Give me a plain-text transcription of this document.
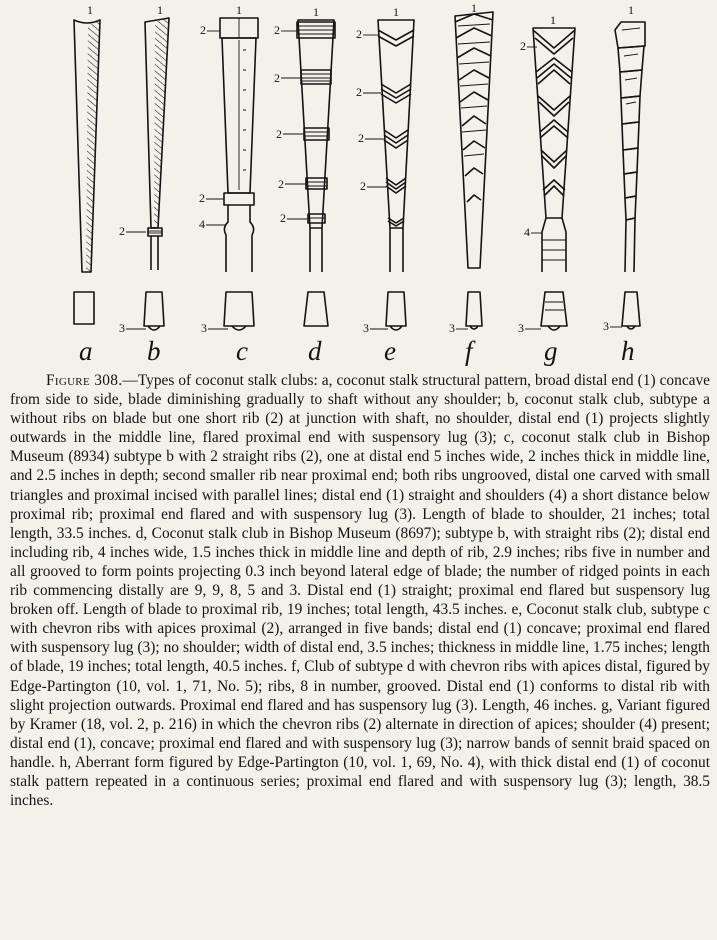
1
a
1
2
3
b
1
2
2
4
3
c
1
2
2
2
2
2
d
1
2
2
2
2
3
e
1
3
f
1
2
4
3
g
1
3
h

Figure 308.—Types of coconut stalk clubs: a, coconut stalk structural pattern, broad distal end (1) concave from side to side, blade diminishing gradually to shaft without any shoulder; b, coconut stalk club, subtype a without ribs on blade but one short rib (2) at junction with shaft, no shoulder, distal end (1) projects slightly outwards in the middle line, flared proximal end with suspensory lug (3); c, coconut stalk club in Bishop Museum (8934) subtype b with 2 straight ribs (2), one at distal end 5 inches wide, 2 inches thick in middle line, and 2.5 inches in depth; second smaller rib near proximal end; both ribs ungrooved, distal one carved with small triangles and proximal incised with parallel lines; distal end (1) straight and shoulders (4) a short distance below proximal rib; proximal end flared and with suspensory lug (3). Length of blade to shoulder, 21 inches; total length, 33.5 inches. d, Coconut stalk club in Bishop Museum (8697); subtype b, with straight ribs (2); distal end including rib, 4 inches wide, 1.5 inches thick in middle line and depth of rib, 2.9 inches; ribs five in number and all grooved to form points projecting 0.3 inch beyond lateral edge of blade; the number of ridged points in each rib commencing distally are 9, 9, 8, 5 and 3. Distal end (1) straight; proximal end flared but suspensory lug broken off. Length of blade to proximal rib, 19 inches; total length, 43.5 inches. e, Coconut stalk club, subtype c with chevron ribs with apices proximal (2), arranged in five bands; distal end (1) concave; proximal end flared with suspensory lug (3); no shoulder; width of distal end, 3.5 inches; thickness in middle line, 1.75 inches; length of blade, 19 inches; total length, 40.5 inches. f, Club of subtype d with chevron ribs with apices distal, figured by Edge-Partington (10, vol. 1, 71, No. 5); ribs, 8 in number, grooved. Distal end (1) conforms to distal rib with slight projection outwards. Proximal end flared and has suspensory lug (3). Length, 46 inches. g, Variant figured by Kramer (18, vol. 2, p. 216) in which the chevron ribs (2) alternate in direction of apices; shoulder (4) present; distal end (1), concave; proximal end flared and with suspensory lug (3); narrow bands of sennit braid spaced on handle. h, Aberrant form figured by Edge-Partington (10, vol. 1, 69, No. 4), with thick distal end (1) of coconut stalk pattern repeated in a continuous series; proximal end flared and with suspensory lug (3); length, 38.5 inches.
